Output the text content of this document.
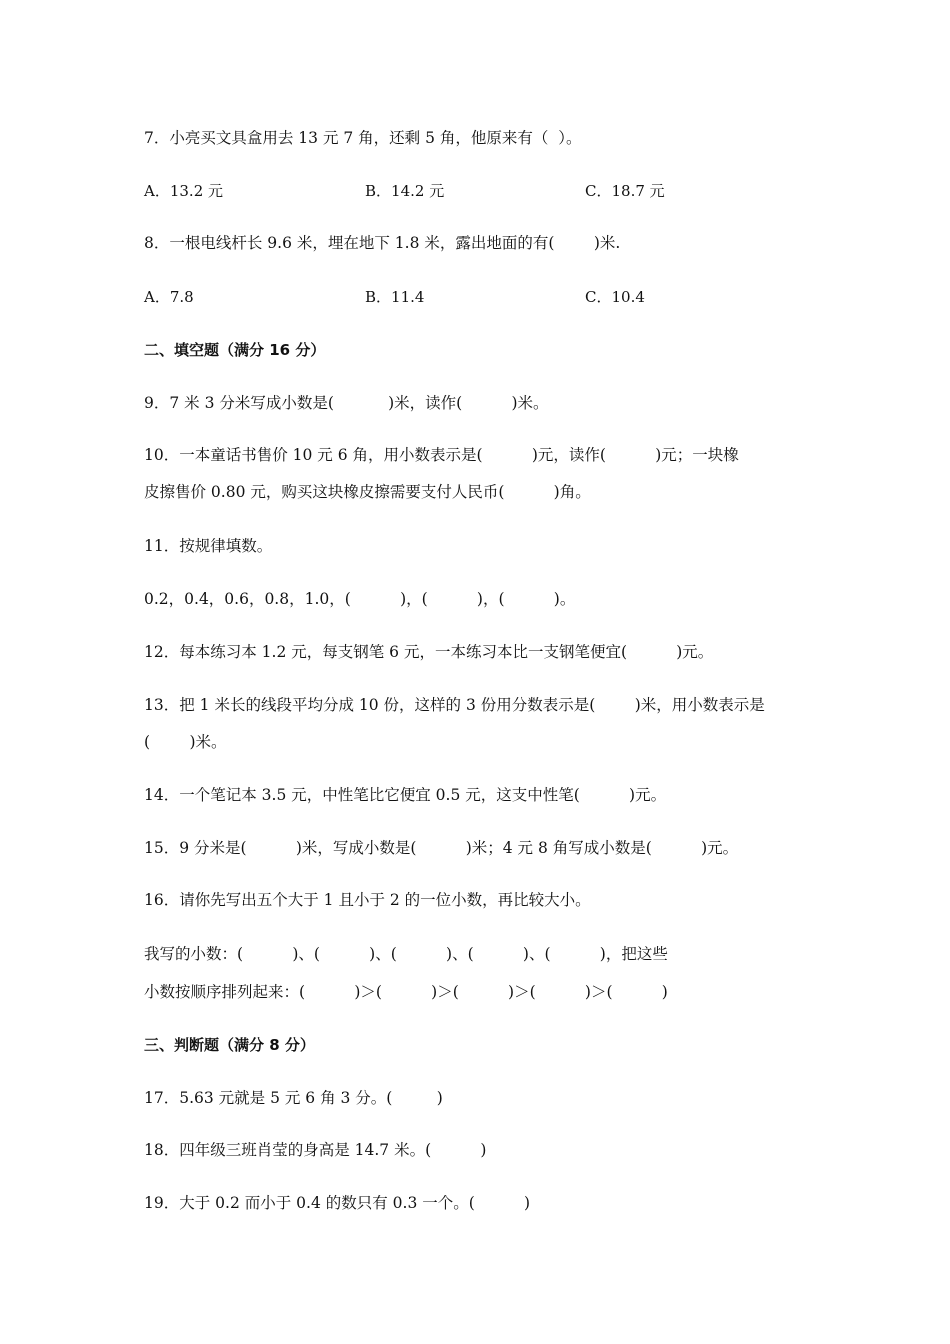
7．小亮买文具盒用去 13 元 7 角，还剩 5 角，他原来有（  ）。

A．13.2 元	B．14.2 元	C．18.7 元

8．一根电线杆长 9.6 米，埋在地下 1.8 米，露出地面的有(        )米.

A．7.8	B．11.4	C．10.4

二、填空题（满分 16 分）

9．7 米 3 分米写成小数是(           )米，读作(          )米。

10．一本童话书售价 10 元 6 角，用小数表示是(          )元，读作(          )元；一块橡

皮擦售价 0.80 元，购买这块橡皮擦需要支付人民币(          )角。

11．按规律填数。

0.2，0.4，0.6，0.8，1.0，(          )，(          )，(          )。

12．每本练习本 1.2 元，每支钢笔 6 元，一本练习本比一支钢笔便宜(          )元。

13．把 1 米长的线段平均分成 10 份，这样的 3 份用分数表示是(        )米，用小数表示是

(        )米。

14．一个笔记本 3.5 元，中性笔比它便宜 0.5 元，这支中性笔(          )元。

15．9 分米是(          )米，写成小数是(          )米；4 元 8 角写成小数是(          )元。

16．请你先写出五个大于 1 且小于 2 的一位小数，再比较大小。

我写的小数：(          )、(          )、(          )、(          )、(          )，把这些

小数按顺序排列起来：(          )＞(          )＞(          )＞(          )＞(          )

三、判断题（满分 8 分）

17．5.63 元就是 5 元 6 角 3 分。(         )

18．四年级三班肖莹的身高是 14.7 米。(          )

19．大于 0.2 而小于 0.4 的数只有 0.3 一个。(          )
